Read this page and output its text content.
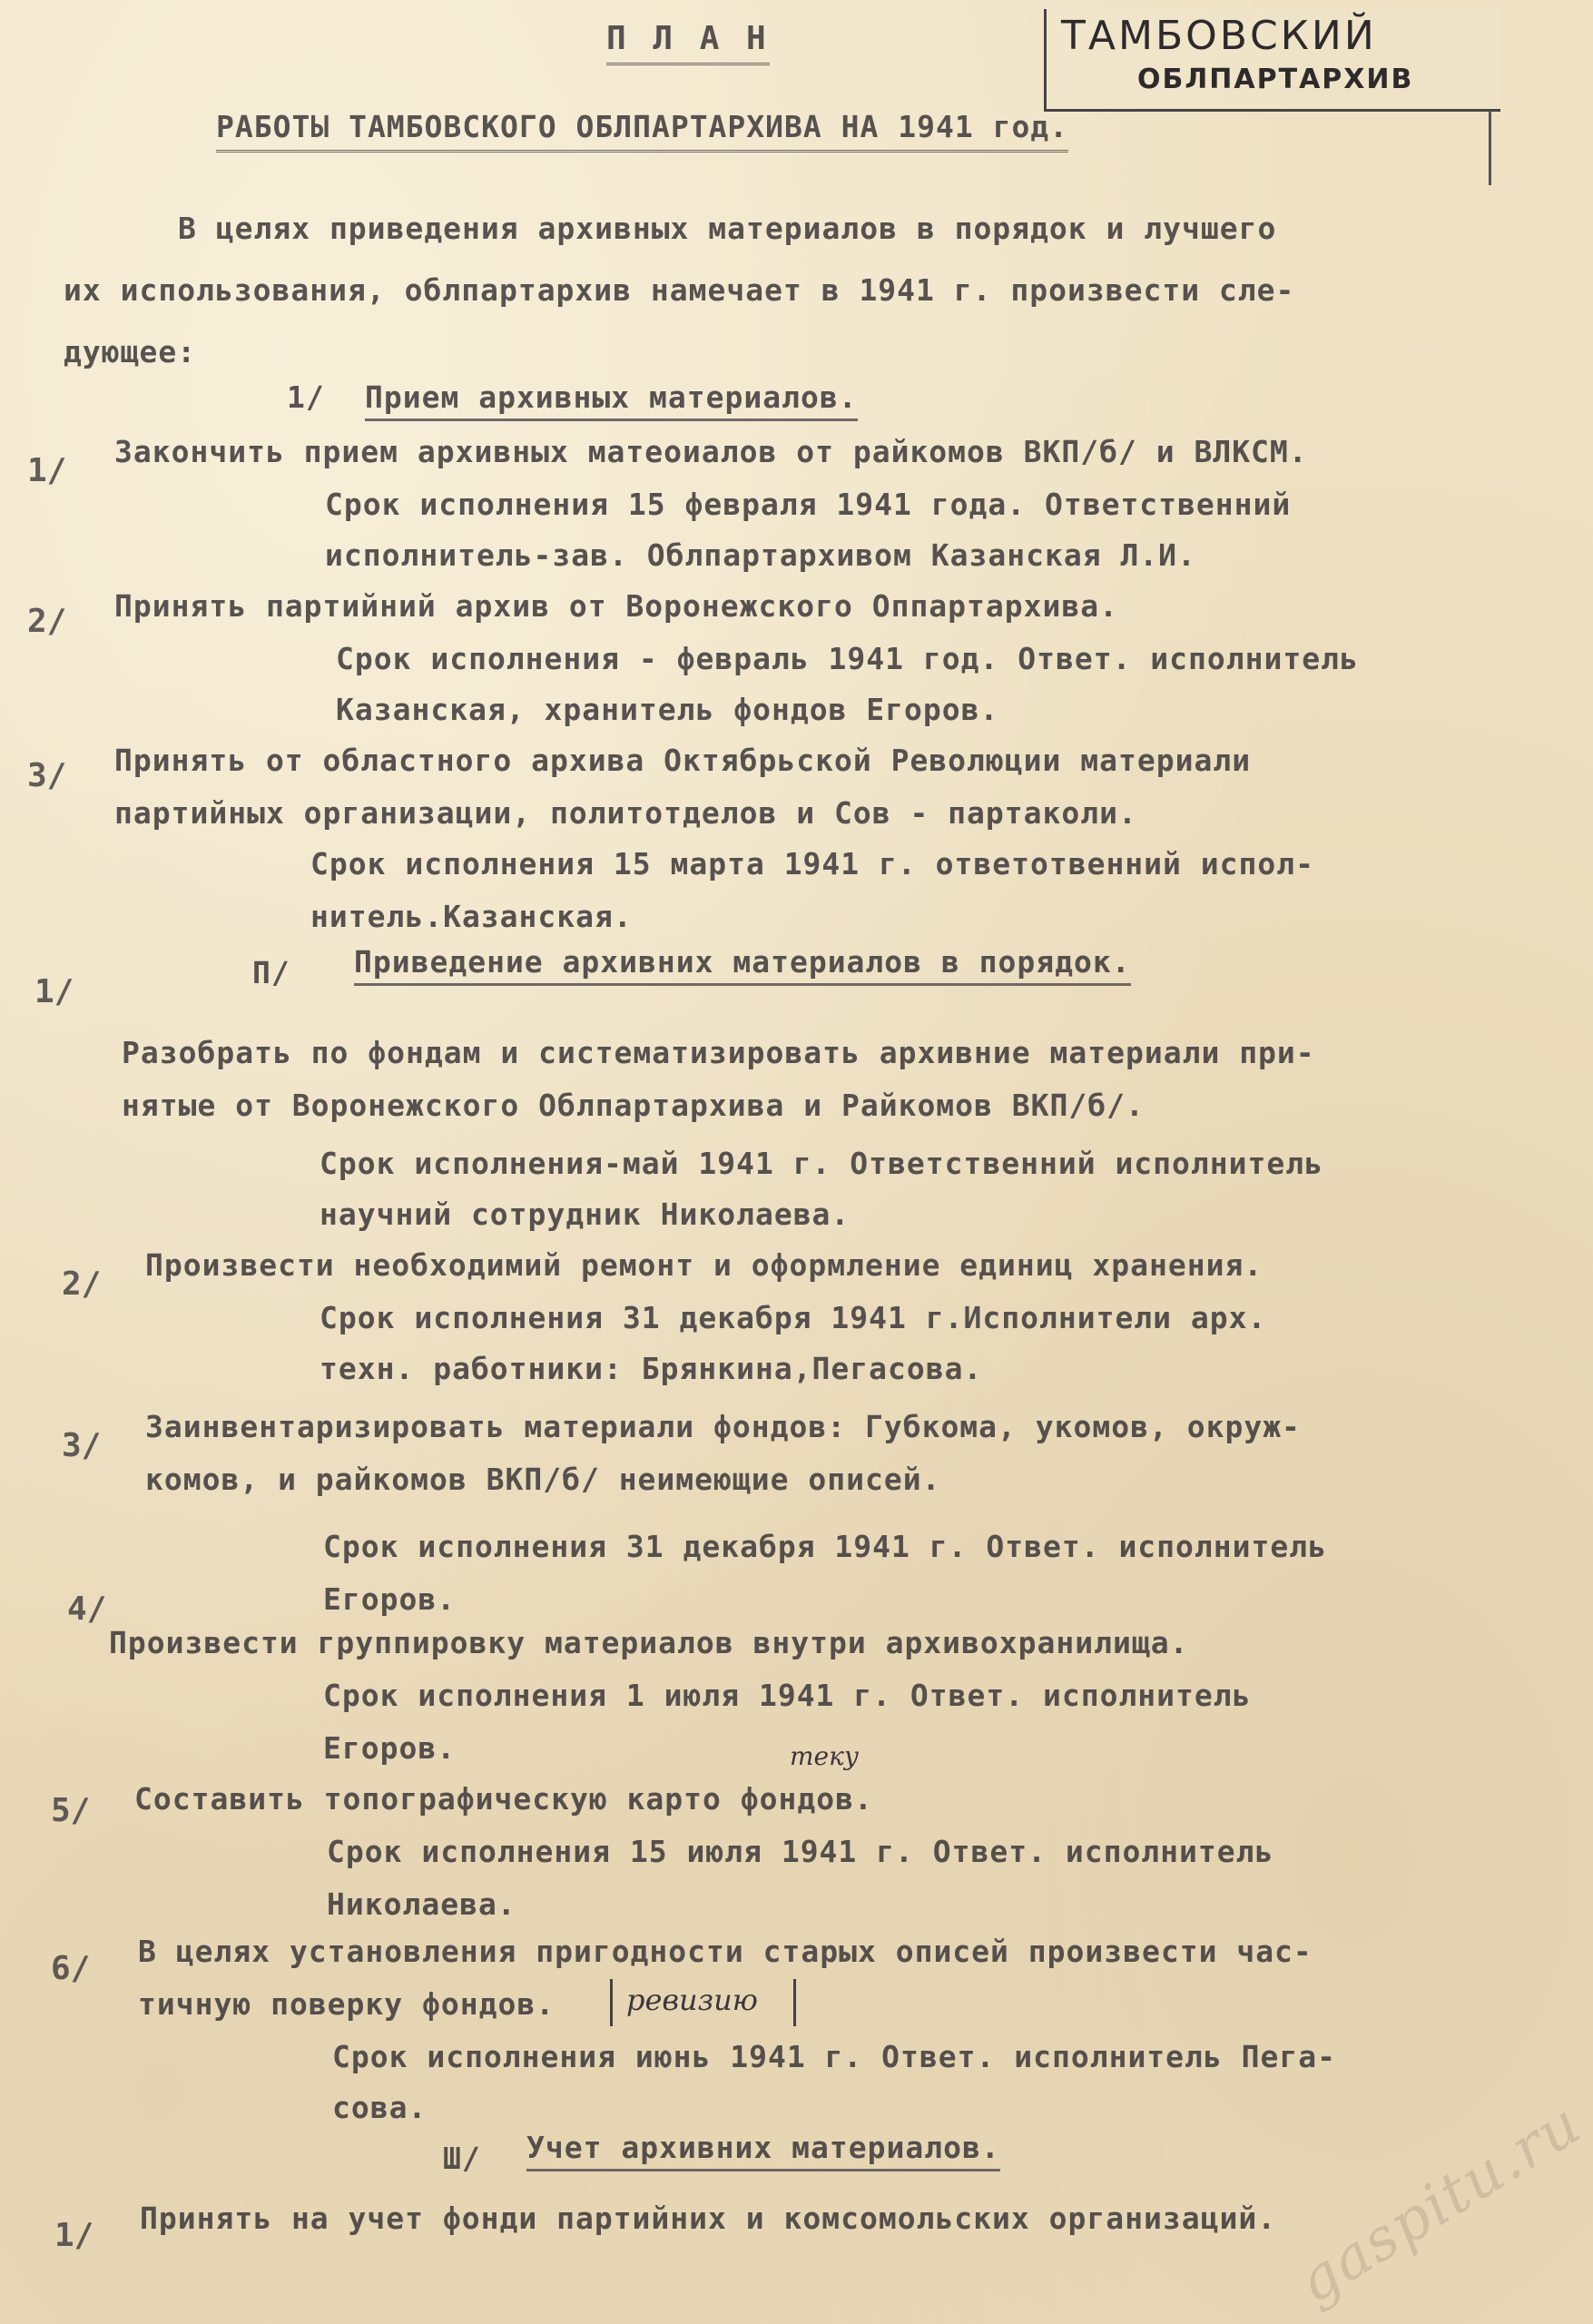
ТАМБОВСКИЙ
ОБЛПАРТАРХИВ
П Л А Н
РАБОТЫ ТАМБОВСКОГО ОБЛПАРТАРХИВА НА 1941 год.
В целях приведения архивных материалов в порядок и лучшего
их использования, облпартархив намечает в 1941 г. произвести сле-
дующее:
1/ Прием архивных материалов.
1/
Закончить прием архивных матеоиалов от райкомов ВКП/б/ и ВЛКСМ.
Срок исполнения 15 февраля 1941 года. Ответственний
исполнитель-зав. Облпартархивом Казанская Л.И.
2/ Принять партийний архив от Воронежского Оппартархива.
Срок исполнения - февраль 1941 год. Ответ. исполнитель
Казанская, хранитель фондов Егоров.
3/ Принять от областного архива Октябрьской Революции материали
партийных организации, политотделов и Сов - партаколи.
Срок исполнения 15 марта 1941 г. ответотвенний испол-
нитель.Казанская.
П/ Приведение архивних материалов в порядок.
1/
Разобрать по фондам и систематизировать архивние материали при-
нятые от Воронежского Облпартархива и Райкомов ВКП/б/.
Срок исполнения-май 1941 г. Ответственний исполнитель
научний сотрудник Николаева.
2/
Произвести необходимий ремонт и оформление единиц хранения.
Срок исполнения 31 декабря 1941 г.Исполнители арх.
техн. работники: Брянкина,Пегасова.
3/
Заинвентаризировать материали фондов: Губкома, укомов, окруж-
комов, и райкомов ВКП/б/ неимеющие описей.
Срок исполнения 31 декабря 1941 г. Ответ. исполнитель
Егоров.
4/
Произвести группировку материалов внутри архивохранилища.
Срок исполнения 1 июля 1941 г. Ответ. исполнитель
Егоров.
5/ Составить топографическую карто фондов.
теку
Срок исполнения 15 июля 1941 г. Ответ. исполнитель
Николаева.
6/ В целях установления пригодности старых описей произвести час-
тичную поверку фондов. ревизию
Срок исполнения июнь 1941 г. Ответ. исполнитель Пега-
сова.
Ш/ Учет архивних материалов.
1/ Принять на учет фонди партийних и комсомольских организаций. gaspitu.ru
